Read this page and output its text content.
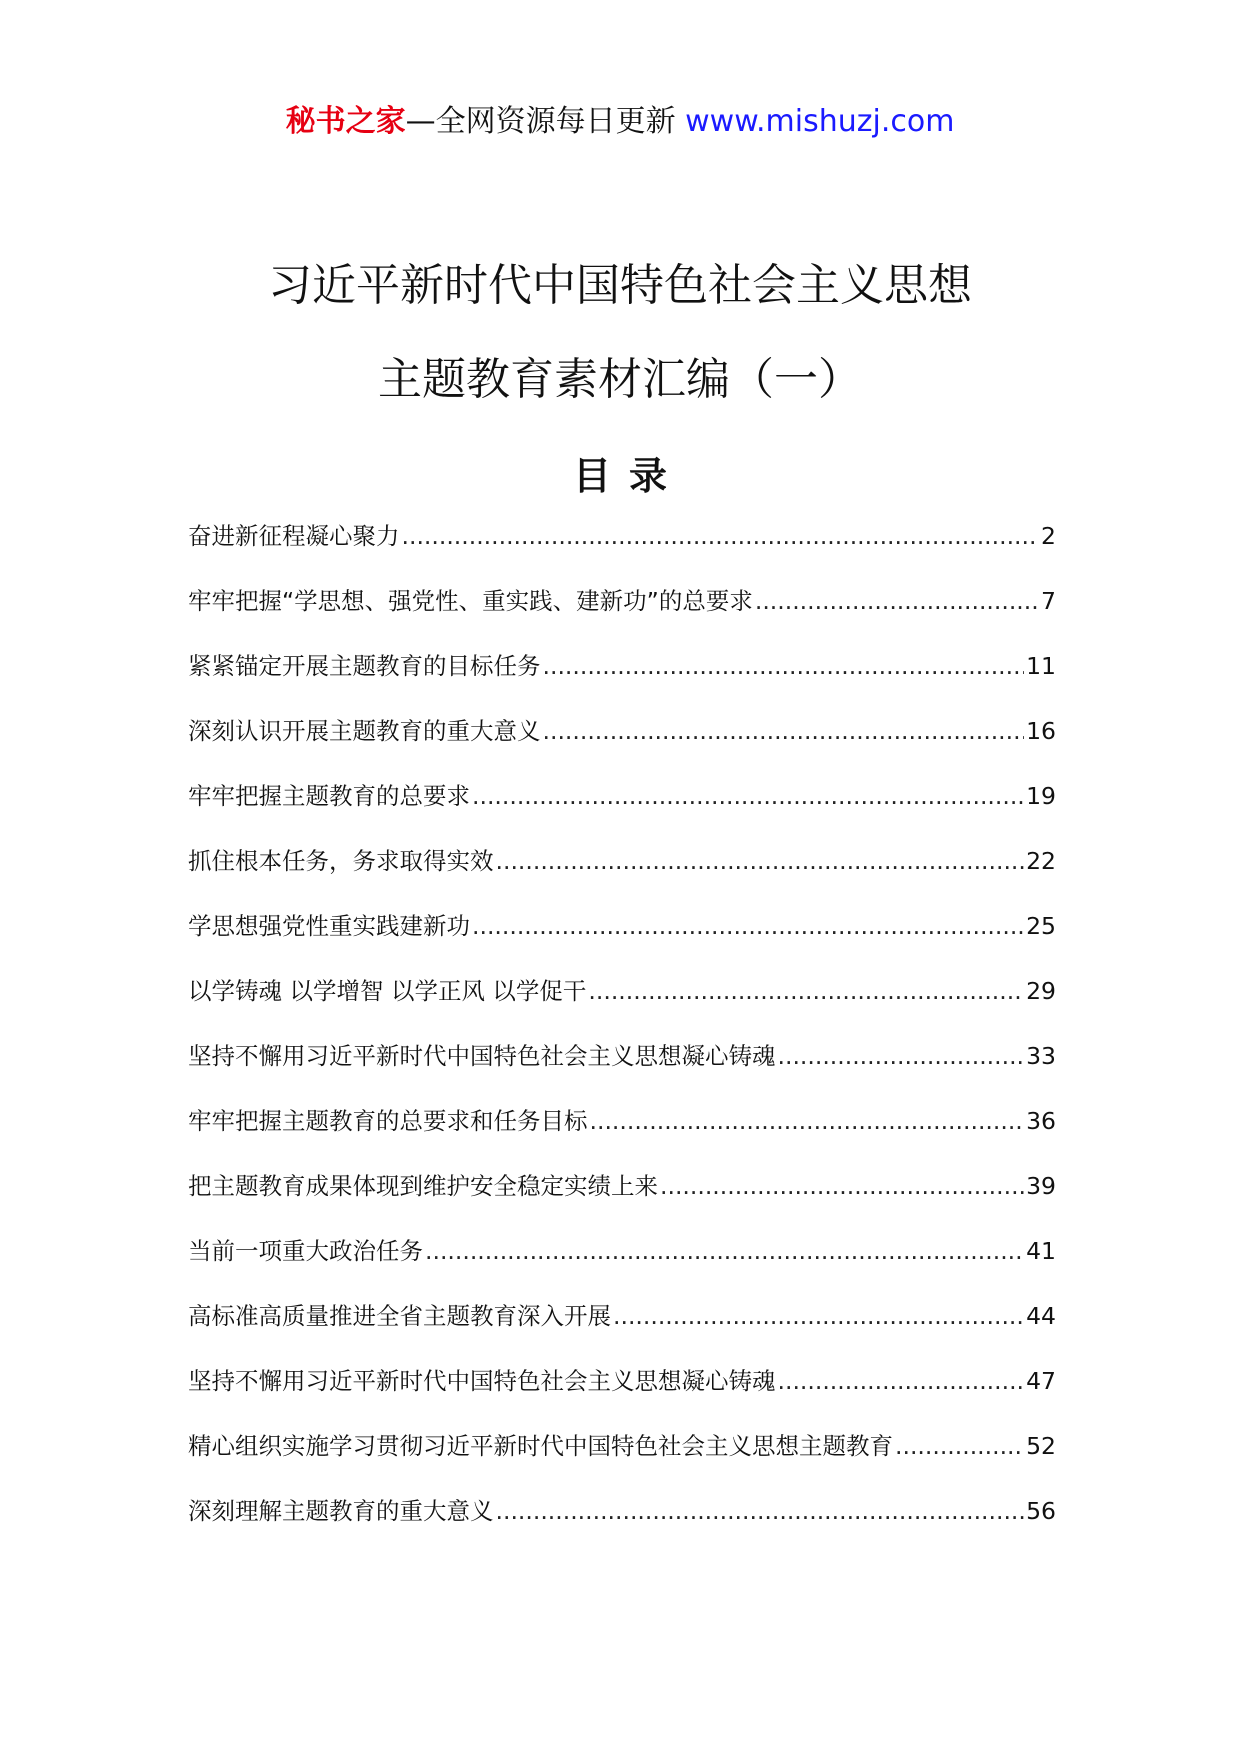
秘书之家—全网资源每日更新 www.mishuzj.com
习近平新时代中国特色社会主义思想
主题教育素材汇编（一）
目录
奋进新征程凝心聚力 .....	2
牢牢把握“学思想、强党性、重实践、建新功”的总要求 .....	7
紧紧锚定开展主题教育的目标任务 .....	11
深刻认识开展主题教育的重大意义 .....	16
牢牢把握主题教育的总要求 .....	19
抓住根本任务，务求取得实效 .....	22
学思想强党性重实践建新功 .....	25
以学铸魂 以学增智 以学正风 以学促干 .....	29
坚持不懈用习近平新时代中国特色社会主义思想凝心铸魂 .....	33
牢牢把握主题教育的总要求和任务目标 .....	36
把主题教育成果体现到维护安全稳定实绩上来 .....	39
当前一项重大政治任务 .....	41
高标准高质量推进全省主题教育深入开展 .....	44
坚持不懈用习近平新时代中国特色社会主义思想凝心铸魂 .....	47
精心组织实施学习贯彻习近平新时代中国特色社会主义思想主题教育 .....	52
深刻理解主题教育的重大意义 .....	56
